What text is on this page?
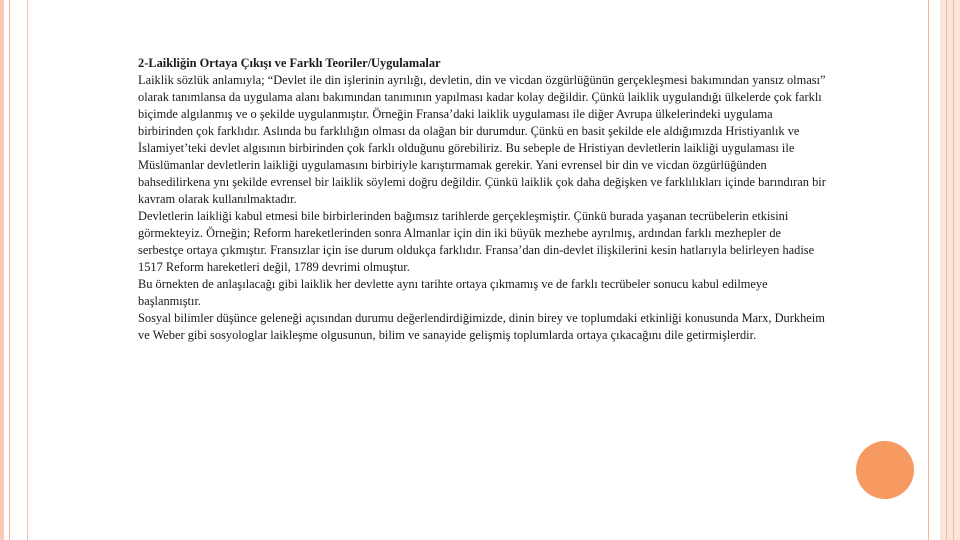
2-Laikliğin Ortaya Çıkışı ve Farklı Teoriler/Uygulamalar

Laiklik sözlük anlamıyla; “Devlet ile din işlerinin ayrılığı, devletin, din ve vicdan özgürlüğünün gerçekleşmesi bakımından yansız olması” olarak tanımlansa da uygulama alanı bakımından tanımının yapılması kadar kolay değildir. Çünkü laiklik uygulandığı ülkelerde çok farklı biçimde algılanmış ve o şekilde uygulanmıştır. Örneğin Fransa’daki laiklik uygulaması ile diğer Avrupa ülkelerindeki uygulama birbirinden çok farklıdır. Aslında bu farklılığın olması da olağan bir durumdur. Çünkü en basit şekilde ele aldığımızda Hristiyanlık ve İslamiyet’teki devlet algısının birbirinden çok farklı olduğunu görebiliriz. Bu sebeple de Hristiyan devletlerin laikliği uygulaması ile Müslümanlar devletlerin laikliği uygulamasını birbiriyle karıştırmamak gerekir. Yani evrensel bir din ve vicdan özgürlüğünden bahsedilirkena ynı şekilde evrensel bir laiklik söylemi doğru değildir. Çünkü laiklik çok daha değişken ve farklılıkları içinde barındıran bir kavram olarak kullanılmaktadır.

Devletlerin laikliği kabul etmesi bile birbirlerinden bağımsız tarihlerde gerçekleşmiştir. Çünkü burada yaşanan tecrübelerin etkisini görmekteyiz. Örneğin; Reform hareketlerinden sonra Almanlar için din iki büyük mezhebe ayrılmış, ardından farklı mezhepler de serbestçe ortaya çıkmıştır. Fransızlar için ise durum oldukça farklıdır. Fransa’dan din-devlet ilişkilerini kesin hatlarıyla belirleyen hadise 1517 Reform hareketleri değil, 1789 devrimi olmuştur.

Bu örnekten de anlaşılacağı gibi laiklik her devlette aynı tarihte ortaya çıkmamış ve de farklı tecrübeler sonucu kabul edilmeye başlanmıştır.

Sosyal bilimler düşünce geleneği açısından durumu değerlendirdiğimizde, dinin birey ve toplumdaki etkinliği konusunda Marx, Durkheim ve Weber gibi sosyologlar laikleşme olgusunun, bilim ve sanayide gelişmiş toplumlarda ortaya çıkacağını dile getirmişlerdir.
